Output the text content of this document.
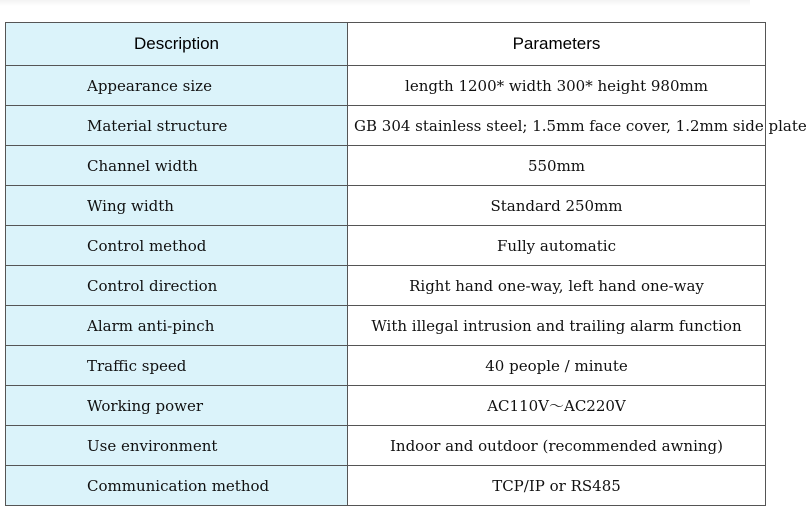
Description	Parameters
Appearance size	length 1200* width 300* height 980mm
Material structure	GB 304 stainless steel; 1.5mm face cover, 1.2mm side plate
Channel width	550mm
Wing width	Standard 250mm
Control method	Fully automatic
Control direction	Right hand one-way, left hand one-way
Alarm anti-pinch	With illegal intrusion and trailing alarm function
Traffic speed	40 people / minute
Working power	AC110V〜AC220V
Use environment	Indoor and outdoor (recommended awning)
Communication method	TCP/IP or RS485
